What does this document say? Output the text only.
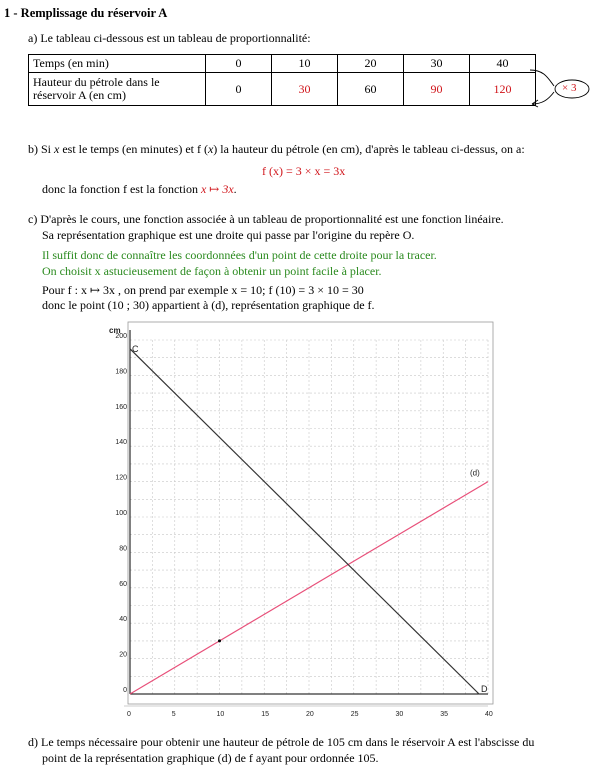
1 - Remplissage du réservoir A
a) Le tableau ci-dessous est un tableau de proportionnalité:
Temps (en min)	0	10	20	30	40

Hauteur du pétrole dans le
réservoir A (en cm)	0	30	60	90	120	× 3
b) Si x est le temps (en minutes) et f (x) la hauteur du pétrole (en cm), d'après le tableau ci-dessus, on a:
f (x) = 3 × x = 3x
donc la fonction f est la fonction x ↦ 3x.
c) D'après le cours, une fonction associée à un tableau de proportionnalité est une fonction linéaire.
Sa représentation graphique est une droite qui passe par l'origine du repère O.
Il suffit donc de connaître les coordonnées d'un point de cette droite pour la tracer.
On choisit x astucieusement de façon à obtenir un point facile à placer.
Pour f : x ↦ 3x , on prend par exemple x = 10; f (10) = 3 × 10 = 30
donc le point (10 ; 30) appartient à (d), représentation graphique de f.
(d)
C
D
0	5	10	15	20	25	30	35	40
0
20
40
60
80
100
120
140
160
180
200
cm
d) Le temps nécessaire pour obtenir une hauteur de pétrole de 105 cm dans le réservoir A est l'abscisse du
point de la représentation graphique (d) de f ayant pour ordonnée 105.
